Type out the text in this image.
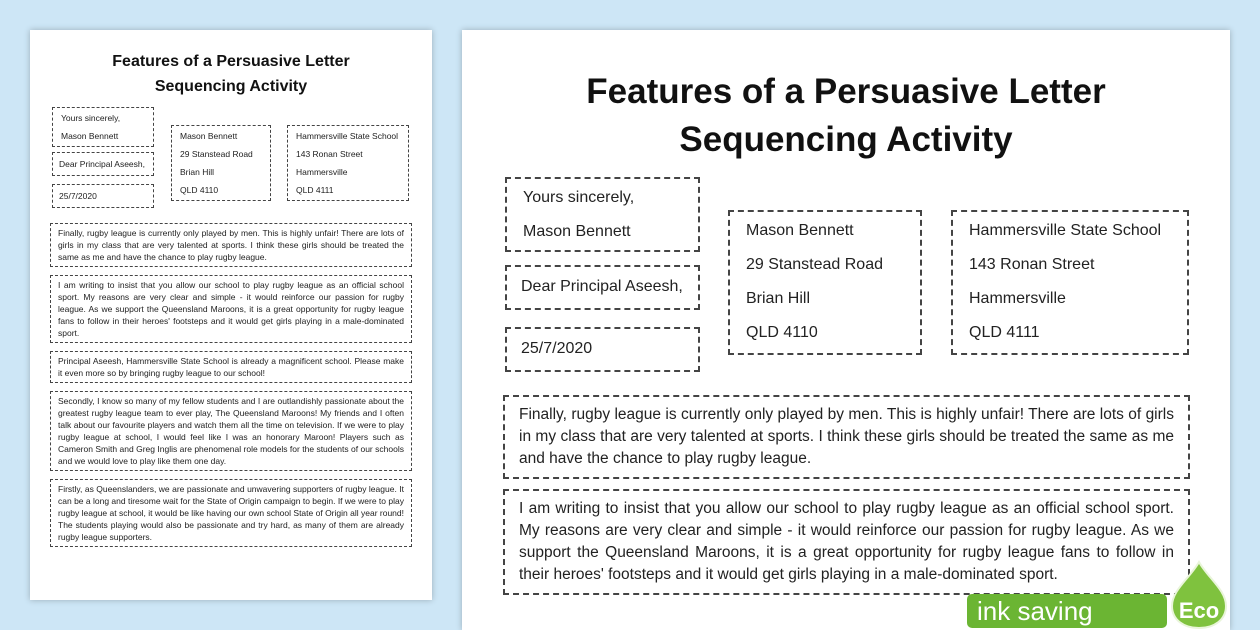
Features of a Persuasive Letter
Sequencing Activity
Yours sincerely,
Mason Bennett
Dear Principal Aseesh,
25/7/2020
Mason Bennett
29 Stanstead Road
Brian Hill
QLD 4110
Hammersville State School
143 Ronan Street
Hammersville
QLD 4111
Finally, rugby league is currently only played by men. This is highly unfair! There are lots of girls in my class that are very talented at sports. I think these girls should be treated the same as me and have the chance to play rugby league.
I am writing to insist that you allow our school to play rugby league as an official school sport. My reasons are very clear and simple - it would reinforce our passion for rugby league. As we support the Queensland Maroons, it is a great opportunity for rugby league fans to follow in their heroes' footsteps and it would get girls playing in a male-dominated sport.
Principal Aseesh, Hammersville State School is already a magnificent school. Please make it even more so by bringing rugby league to our school!
Secondly, I know so many of my fellow students and I are outlandishly passionate about the greatest rugby league team to ever play, The Queensland Maroons! My friends and I often talk about our favourite players and watch them all the time on television. If we were to play rugby league at school, I would feel like I was an honorary Maroon! Players such as Cameron Smith and Greg Inglis are phenomenal role models for the students of our schools and we would love to play like them one day.
Firstly, as Queenslanders, we are passionate and unwavering supporters of rugby league. It can be a long and tiresome wait for the State of Origin campaign to begin. If we were to play rugby league at school, it would be like having our own school State of Origin all year round! The students playing would also be passionate and try hard, as many of them are already rugby league supporters.
Features of a Persuasive Letter
Sequencing Activity
Yours sincerely,
Mason Bennett
Dear Principal Aseesh,
25/7/2020
Mason Bennett
29 Stanstead Road
Brian Hill
QLD 4110
Hammersville State School
143 Ronan Street
Hammersville
QLD 4111
Finally, rugby league is currently only played by men. This is highly unfair! There are lots of girls in my class that are very talented at sports. I think these girls should be treated the same as me and have the chance to play rugby league.
I am writing to insist that you allow our school to play rugby league as an official school sport. My reasons are very clear and simple - it would reinforce our passion for rugby league. As we support the Queensland Maroons, it is a great opportunity for rugby league fans to follow in their heroes' footsteps and it would get girls playing in a male-dominated sport.
ink saving	Eco
